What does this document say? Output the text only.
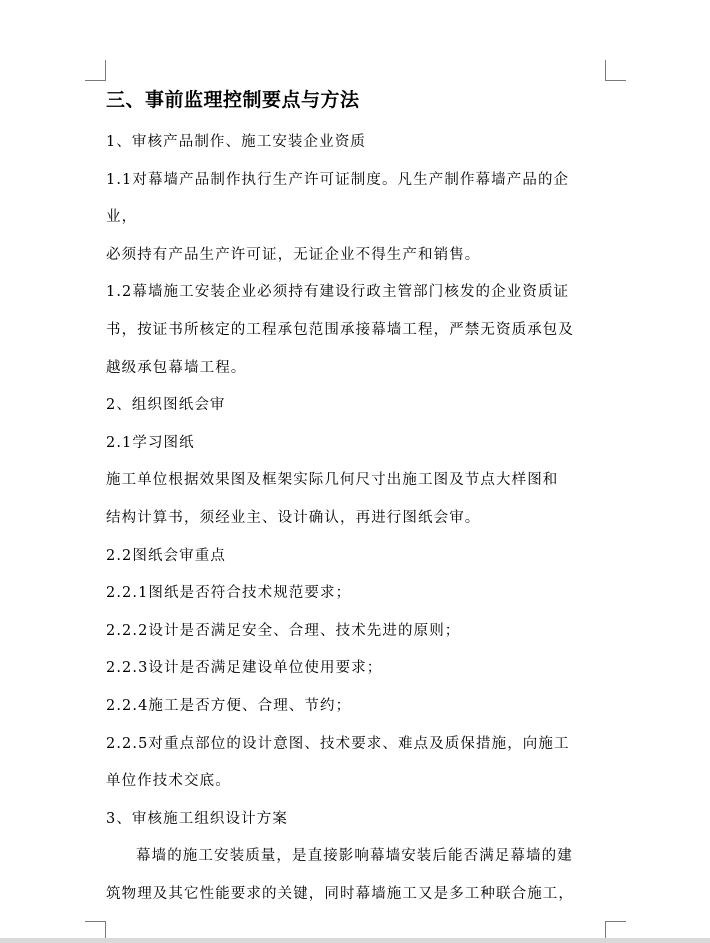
三、事前监理控制要点与方法
1、审核产品制作、施工安装企业资质
1.1对幕墙产品制作执行生产许可证制度。凡生产制作幕墙产品的企
业，
必须持有产品生产许可证，无证企业不得生产和销售。
1.2幕墙施工安装企业必须持有建设行政主管部门核发的企业资质证
书，按证书所核定的工程承包范围承接幕墙工程，严禁无资质承包及
越级承包幕墙工程。
2、组织图纸会审
2.1学习图纸
施工单位根据效果图及框架实际几何尺寸出施工图及节点大样图和
结构计算书，须经业主、设计确认，再进行图纸会审。
2.2图纸会审重点
2.2.1图纸是否符合技术规范要求；
2.2.2设计是否满足安全、合理、技术先进的原则；
2.2.3设计是否满足建设单位使用要求；
2.2.4施工是否方便、合理、节约；
2.2.5对重点部位的设计意图、技术要求、难点及质保措施，向施工
单位作技术交底。
3、审核施工组织设计方案
幕墙的施工安装质量，是直接影响幕墙安装后能否满足幕墙的建
筑物理及其它性能要求的关键，同时幕墙施工又是多工种联合施工，
